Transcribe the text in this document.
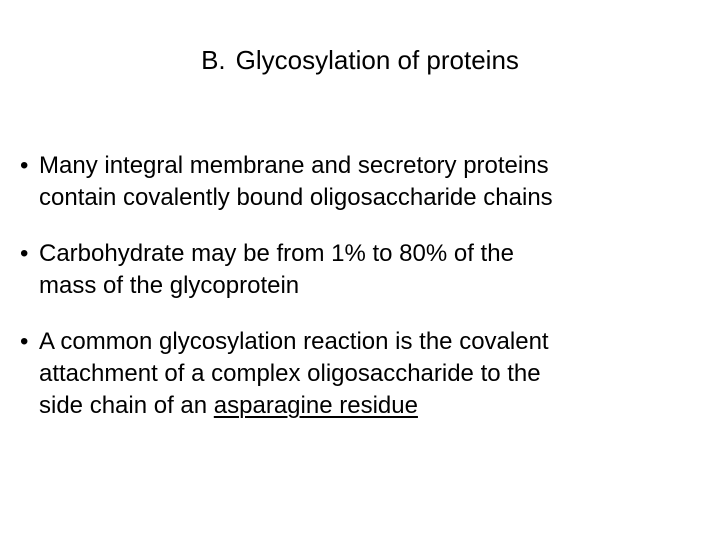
B. Glycosylation of proteins
• Many integral membrane and secretory proteins
contain covalently bound oligosaccharide chains
• Carbohydrate may be from 1% to 80% of the
mass of the glycoprotein
• A common glycosylation reaction is the covalent
attachment of a complex oligosaccharide to the
side chain of an asparagine residue
